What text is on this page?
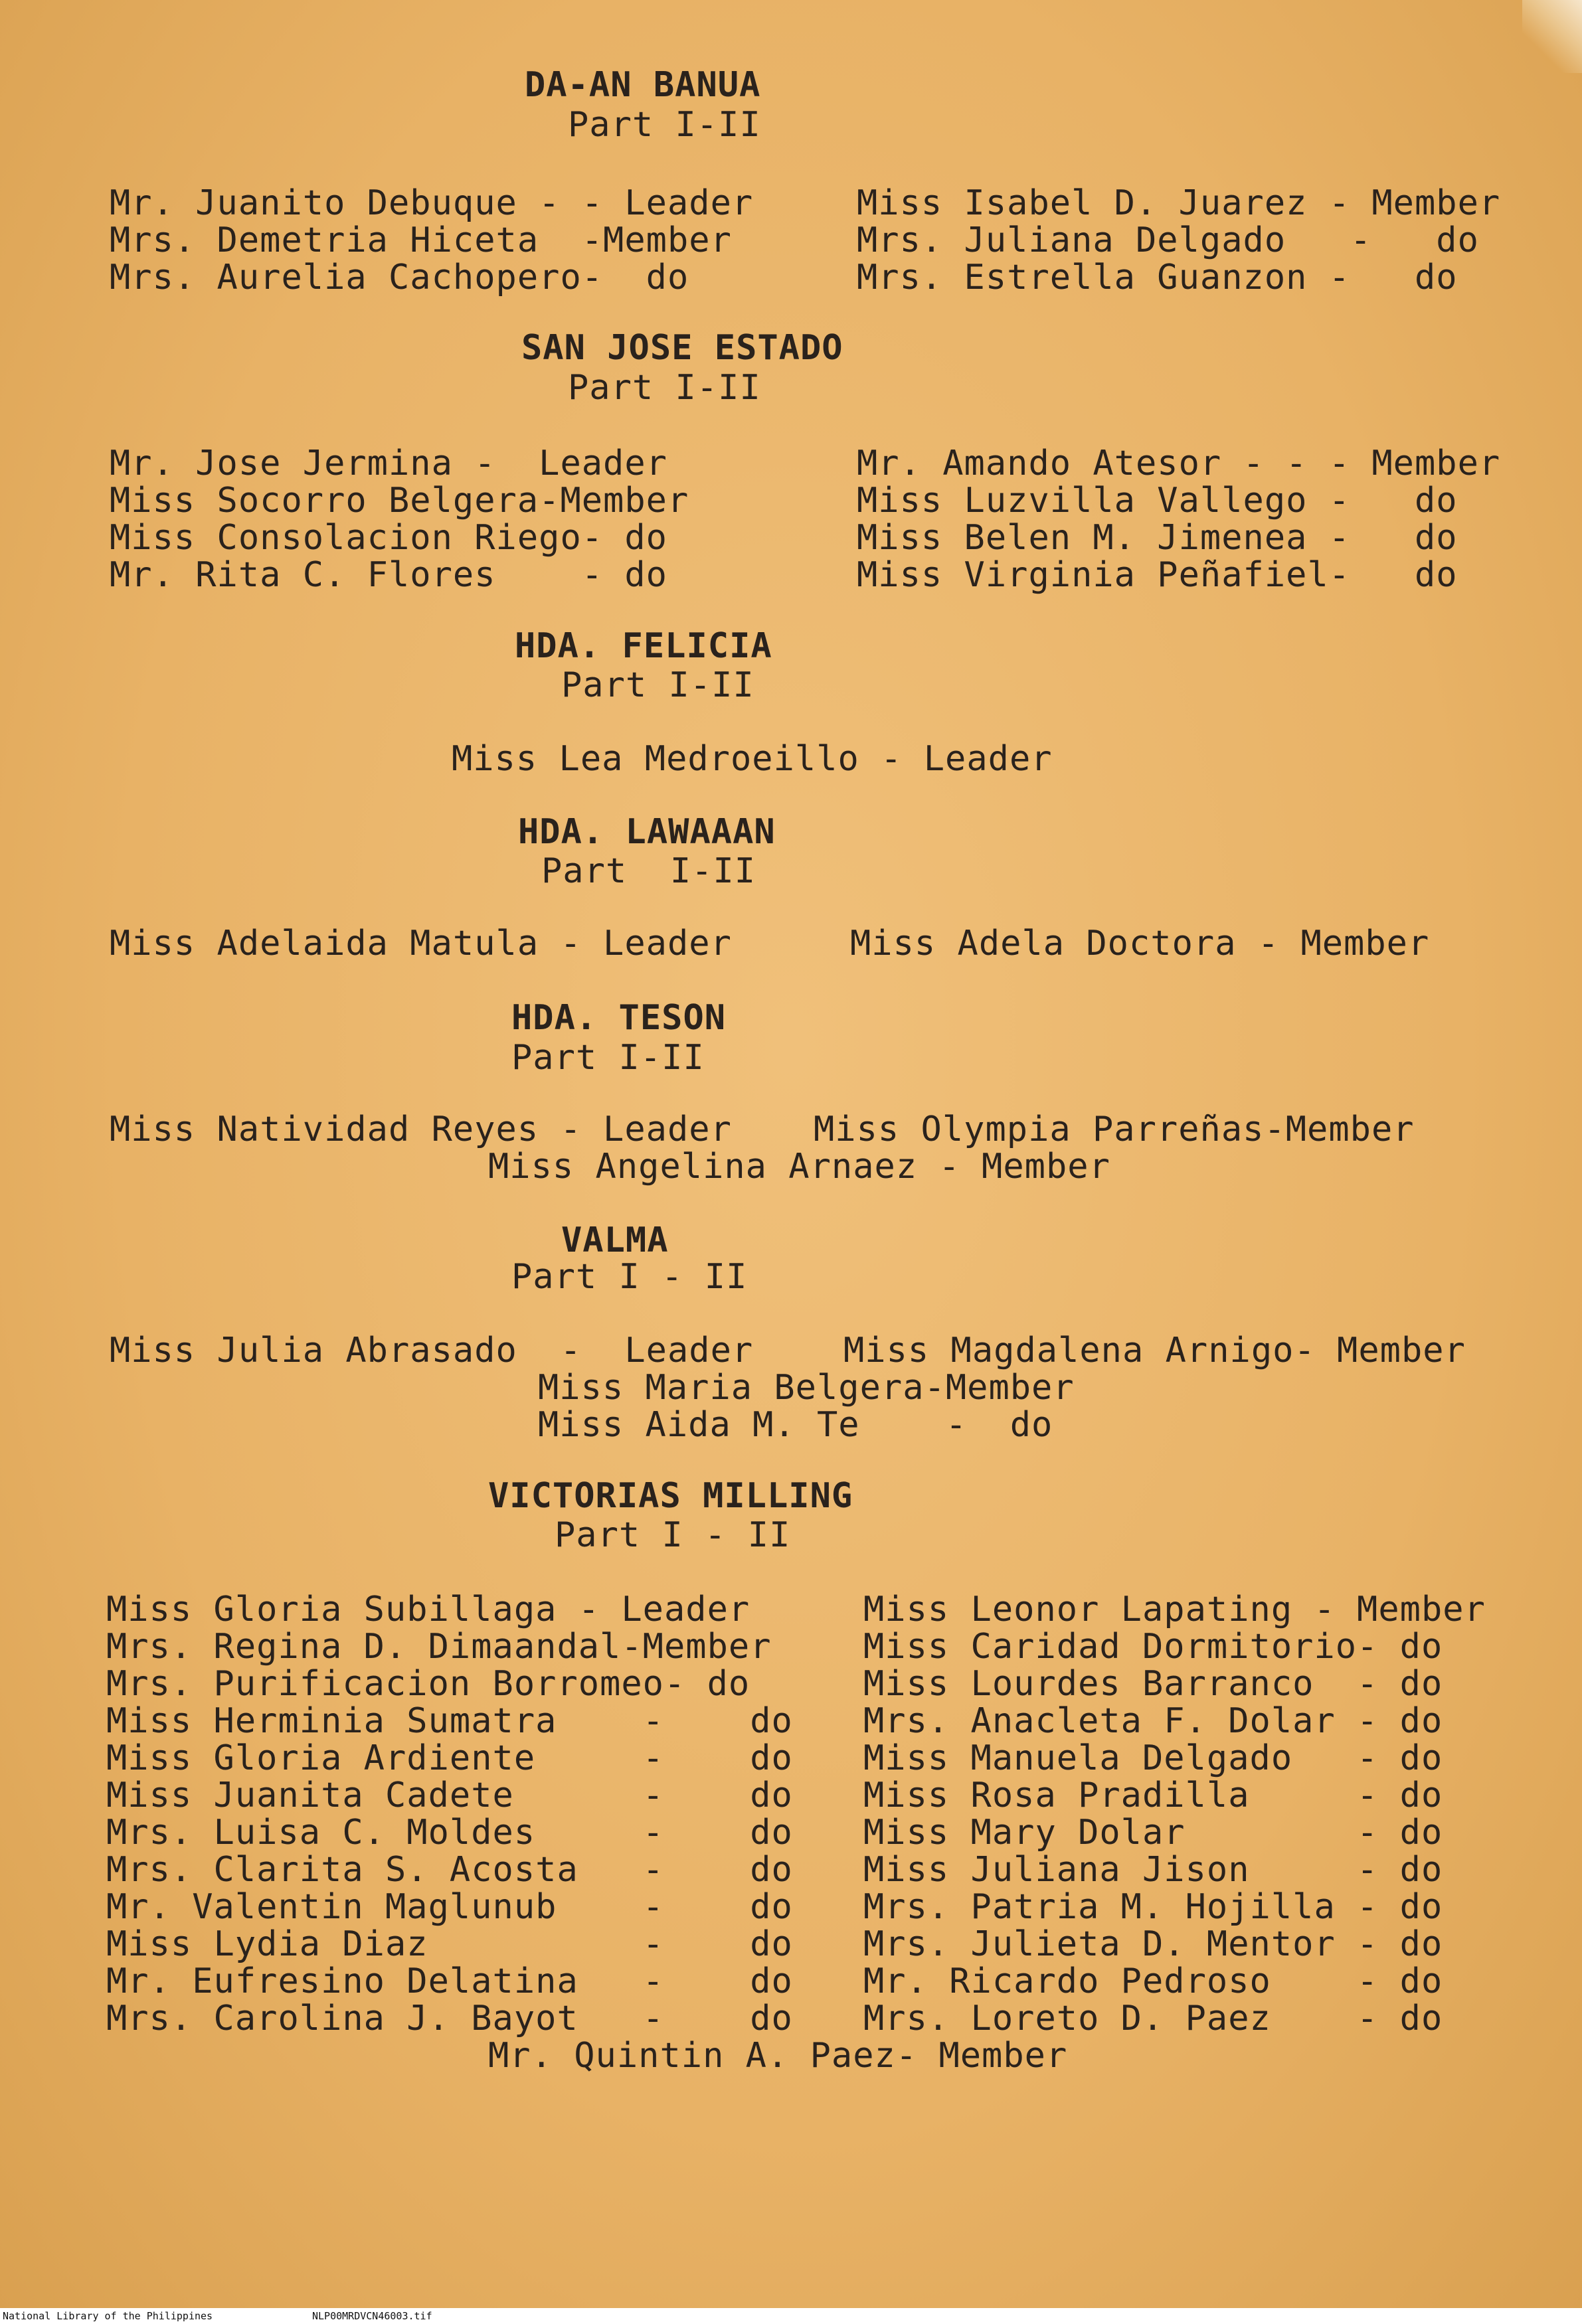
DA-AN BANUA
Part I-II
Mr. Juanito Debuque - - Leader	Miss Isabel D. Juarez - Member
Mrs. Demetria Hiceta  -Member	Mrs. Juliana Delgado   -   do
Mrs. Aurelia Cachopero-  do	Mrs. Estrella Guanzon -   do
SAN JOSE ESTADO
Part I-II
Mr. Jose Jermina -  Leader	Mr. Amando Atesor - - - Member
Miss Socorro Belgera-Member	Miss Luzvilla Vallego -   do
Miss Consolacion Riego- do	Miss Belen M. Jimenea -   do
Mr. Rita C. Flores    - do	Miss Virginia Peñafiel-   do
HDA. FELICIA
Part I-II
Miss Lea Medroeillo - Leader
HDA. LAWAAAN
Part  I-II
Miss Adelaida Matula - Leader	Miss Adela Doctora - Member
HDA. TESON
Part I-II
Miss Natividad Reyes - Leader Miss Olympia Parreñas-Member
Miss Angelina Arnaez - Member
VALMA
Part I - II
Miss Julia Abrasado  -  Leader	Miss Magdalena Arnigo- Member
Miss Maria Belgera-Member
Miss Aida M. Te    -  do
VICTORIAS MILLING
Part I - II
Miss Gloria Subillaga - Leader	Miss Leonor Lapating - Member
Mrs. Regina D. Dimaandal-Member	Miss Caridad Dormitorio- do
Mrs. Purificacion Borromeo- do	Miss Lourdes Barranco  - do
Miss Herminia Sumatra    -    do Mrs. Anacleta F. Dolar - do
Miss Gloria Ardiente     -    do Miss Manuela Delgado   - do
Miss Juanita Cadete      -    do Miss Rosa Pradilla     - do
Mrs. Luisa C. Moldes     -    do Miss Mary Dolar        - do
Mrs. Clarita S. Acosta   -    do Miss Juliana Jison     - do
Mr. Valentin Maglunub    -    do Mrs. Patria M. Hojilla - do
Miss Lydia Diaz          -    do Mrs. Julieta D. Mentor - do
Mr. Eufresino Delatina   -    do Mr. Ricardo Pedroso    - do
Mrs. Carolina J. Bayot   -    do Mrs. Loreto D. Paez    - do
Mr. Quintin A. Paez- Member
National Library of the Philippines	NLP00MRDVCN46003.tif
